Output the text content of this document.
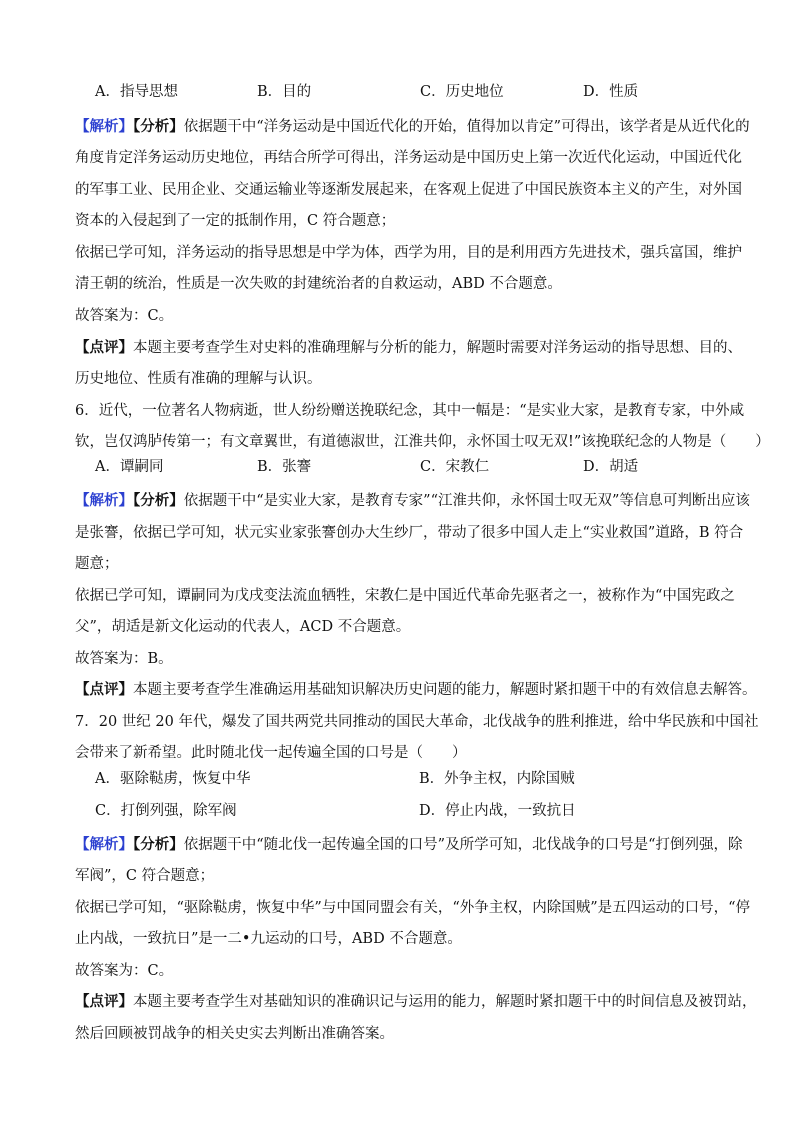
A．指导思想	B．目的	C．历史地位	D．性质
【解析】【分析】依据题干中“洋务运动是中国近代化的开始，值得加以肯定”可得出，该学者是从近代化的
角度肯定洋务运动历史地位，再结合所学可得出，洋务运动是中国历史上第一次近代化运动，中国近代化
的军事工业、民用企业、交通运输业等逐渐发展起来，在客观上促进了中国民族资本主义的产生，对外国
资本的入侵起到了一定的抵制作用，C 符合题意；
依据已学可知，洋务运动的指导思想是中学为体，西学为用，目的是利用西方先进技术，强兵富国，维护
清王朝的统治，性质是一次失败的封建统治者的自救运动，ABD 不合题意。
故答案为：C。
【点评】本题主要考查学生对史料的准确理解与分析的能力，解题时需要对洋务运动的指导思想、目的、
历史地位、性质有准确的理解与认识。
6．近代，一位著名人物病逝，世人纷纷赠送挽联纪念，其中一幅是：“是实业大家，是教育专家，中外咸
钦，岂仅鸿胪传第一；有文章翼世，有道德淑世，江淮共仰，永怀国士叹无双!”该挽联纪念的人物是（　　）
A．谭嗣同	B．张謇	C．宋教仁	D．胡适
【解析】【分析】依据题干中“是实业大家，是教育专家”“江淮共仰，永怀国士叹无双”等信息可判断出应该
是张謇，依据已学可知，状元实业家张謇创办大生纱厂，带动了很多中国人走上“实业救国”道路，B 符合
题意；
依据已学可知，谭嗣同为戊戌变法流血牺牲，宋教仁是中国近代革命先驱者之一，被称作为“中国宪政之
父”，胡适是新文化运动的代表人，ACD 不合题意。
故答案为：B。
【点评】本题主要考查学生准确运用基础知识解决历史问题的能力，解题时紧扣题干中的有效信息去解答。
7．20 世纪 20 年代，爆发了国共两党共同推动的国民大革命，北伐战争的胜利推进，给中华民族和中国社
会带来了新希望。此时随北伐一起传遍全国的口号是（　　）
A．驱除鞑虏，恢复中华	B．外争主权，内除国贼
C．打倒列强，除军阀	D．停止内战，一致抗日
【解析】【分析】依据题干中“随北伐一起传遍全国的口号”及所学可知，北伐战争的口号是“打倒列强，除
军阀”，C 符合题意；
依据已学可知，“驱除鞑虏，恢复中华”与中国同盟会有关，“外争主权，内除国贼”是五四运动的口号，“停
止内战，一致抗日”是一二•九运动的口号，ABD 不合题意。
故答案为：C。
【点评】本题主要考查学生对基础知识的准确识记与运用的能力，解题时紧扣题干中的时间信息及被罚站，
然后回顾被罚战争的相关史实去判断出准确答案。
